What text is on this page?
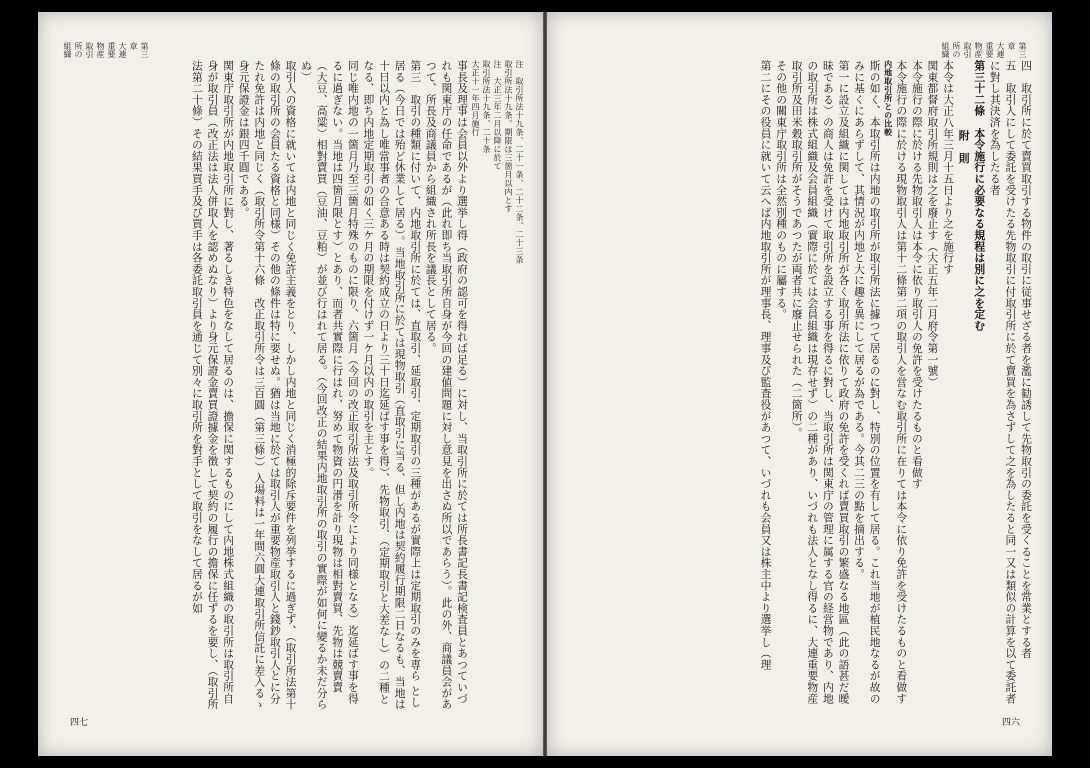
第三章　大連重要物産取引所の組織

注　取引所法十九条、二十一条、二十二条、二十三条

取引所法十九条。期限は三箇月以内とす

注　大正三年二月以降に於て

取引所法十九条、二十条

大正十一年四月施行

事長及理事は会員以外より選挙し得（政府の認可を得れば足る）に対し、当取引所に於ては所長書記長書記検査員とあつていづれも関東庁の任命であるが（此れ即ち当取引所自身が今回の建値問題に対し意見を出さぬ所以であらう）。此の外、商議員会があつて、所長及商議員から組織され所長を議長として居る。

第三　取引の種類に付いて、内地取引所に於ては、直取引、延取引、定期取引の三種があるが實際上は定期取引のみを専ら とし居る（今日では殆ど休業して居る）。当地取引所に於ては現物取引（直取引に当る、但し内地は契約履行期限二日なるも、当地は十日以内と為し唯當事者の合意ある時は契約成立の日より三十日迄延ばす事を得）、先物取引、（定期取引と大差なし）の二種となる、即ち内地定期取引の如く三ケ月の期限を付けず一ケ月以内の取引を主とす。

同じ唯内地の一箇月乃至三箇月特殊のものに限り、六箇月（今回の改正取引所法及取引所令により同様となる）迄延ばす事を得るに過ぎない。当地は四箇月限とす）とあり、而者共實際に行はれ、努めて物資の円滑を計り現物は相對賣買、先物は競賣賣（大豆、高粱）相對賣買（豆油、豆粕）が並び行はれて居る。（今回改正の結果内地取引所の取引の實際が如何に變るか未だ分らぬ）

取引人の資格に就いては内地と同じく免許主義をとり、しかし内地と同じく消極的除斥要件を列挙するに過ぎず、（取引所法第十條の取引所の会員たる資格と同様）その他の條件は特に要せぬ。猶は当地に於ては取引人が重要物産取引人と錢鈔取引人とに分たれ免許は内地と同じく（取引所令第十六條　改正取引所令は三百圓（第三條））入場料は一年間六圓大連取引所信託に差入るゝ身元保證金は銀四千圓である。

関東庁取引所が内地取引所に對し、著るしき特色をなして居るのは、擔保に関するものにして内地株式組織の取引所は取引所自身が取引員（改正法は法人併取人を認めぬなり）より身元保證金賣買證據金を徴して契約の履行の擔保に任ずるを要し、（取引所法第二十條）その結果買手及び買手は各委託取引員を通じて別々に取引所を對手として取引をなして居るが如

四七
第三章　大連重要物産取引所の組織

四　取引所に於て賣買取引する物件の取引に従事せざる者を濫に勧誘して先物取引の委託を受くることを常業とする者

五　取引人にして委託を受けたる先物取引に付取引所に於て賣買を為さずして之を為したると同一又は類似の計算を以て委託者に對し其決済を為したる者

第三十二條　本令施行に必要なる規程は別に之を定む

附　則

本令は大正八年三月十五日より之を施行す

関東都督府取引所規則は之を廢止す（大正五年二月府令第一號）

本令施行の際に於ける先物取引人は本令に依り取引人の免許を受けたるものと看做す

本令施行の際に於ける現物取引人は第十二條第二項の取引人を営なむ取引所に在りては本令に依り免許を受けたるものと看做す

内地取引所との比較

斯の如く、本取引所は内地の取引所が取引所法に據つて居るのに對し、特別の位置を有して居る。これ当地が植民地なるが故のみに基くにあらずして、其情況が内地と大に趣を異にして居るが為である。今其二三の點を摘出する。

第一に設立及組織に関しては内地取引所が各く取引所法に依りて政府の免許を受くれば賣買取引の繁盛なる地區（此の語甚だ曖昧である）の商人は免許を受けて取引所を設立する事を得るに對し、当取引所は関東庁の管理に属する官の経営物であり、内地の取引所は株式組織及会員組織（實際に於ては会員組織は現存せず）の二種があり、いづれも法人となし得るに、大連重要物産取引所及田米穀取引所がそうであつたが両者共に廢止せられた（二箇所）。

その他の關東庁取引所は全然別種のものに屬する。

第二にその役員に就いて云へば内地取引所が理事長、理事及び監査役があつて、いづれも会員又は株主中より選挙し（理

四六
